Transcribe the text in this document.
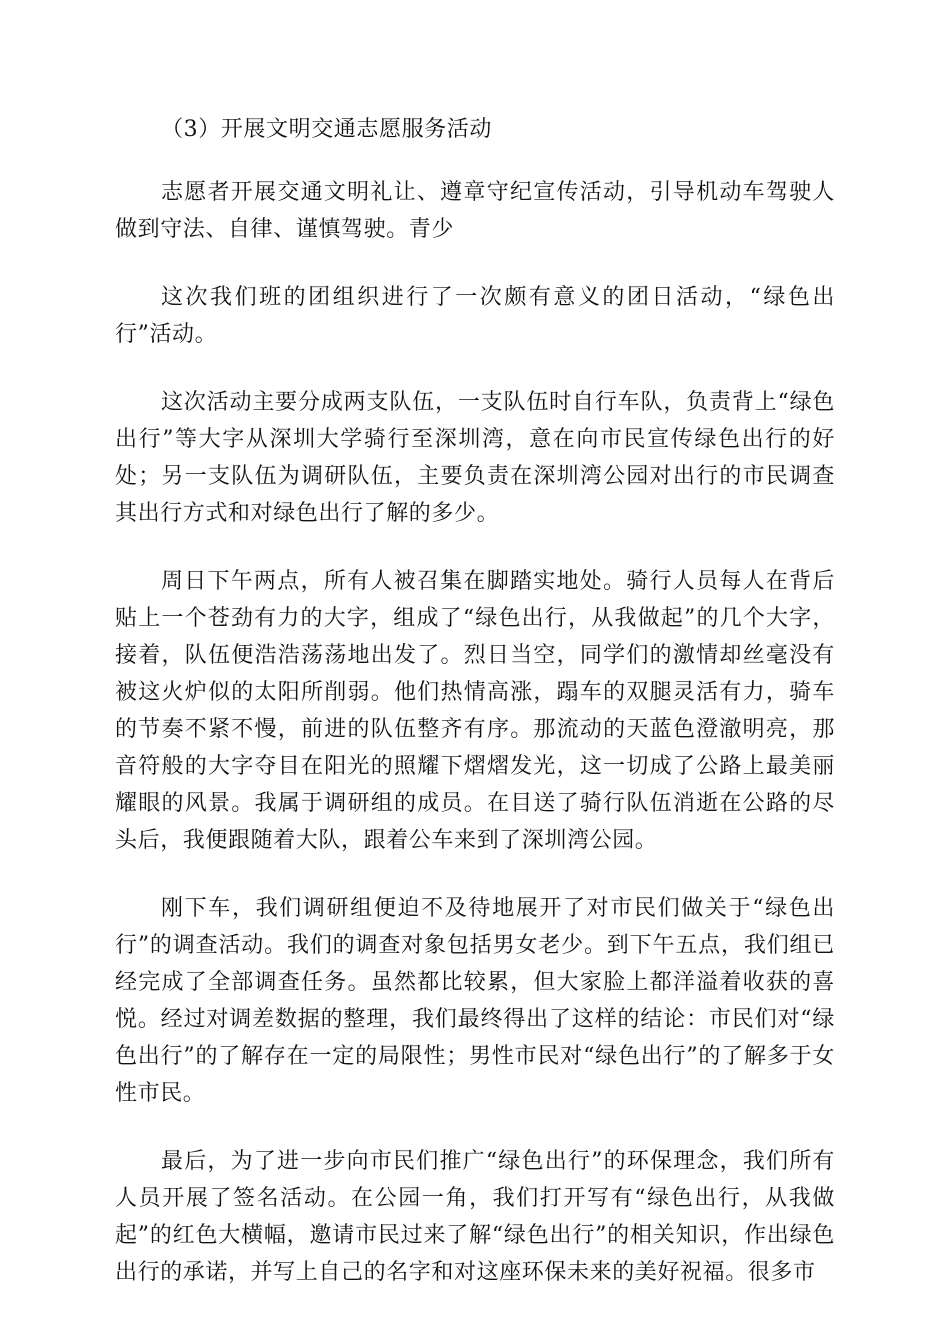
（3）开展文明交通志愿服务活动

志愿者开展交通文明礼让、遵章守纪宣传活动，引导机动车驾驶人做到守法、自律、谨慎驾驶。青少

这次我们班的团组织进行了一次颇有意义的团日活动，“绿色出行”活动。

这次活动主要分成两支队伍，一支队伍时自行车队，负责背上“绿色出行”等大字从深圳大学骑行至深圳湾，意在向市民宣传绿色出行的好处；另一支队伍为调研队伍，主要负责在深圳湾公园对出行的市民调查其出行方式和对绿色出行了解的多少。

周日下午两点，所有人被召集在脚踏实地处。骑行人员每人在背后贴上一个苍劲有力的大字，组成了“绿色出行，从我做起”的几个大字，接着，队伍便浩浩荡荡地出发了。烈日当空，同学们的激情却丝毫没有被这火炉似的太阳所削弱。他们热情高涨，蹋车的双腿灵活有力，骑车的节奏不紧不慢，前进的队伍整齐有序。那流动的天蓝色澄澈明亮，那音符般的大字夺目在阳光的照耀下熠熠发光，这一切成了公路上最美丽耀眼的风景。我属于调研组的成员。在目送了骑行队伍消逝在公路的尽头后，我便跟随着大队，跟着公车来到了深圳湾公园。

刚下车，我们调研组便迫不及待地展开了对市民们做关于“绿色出行”的调查活动。我们的调查对象包括男女老少。到下午五点，我们组已经完成了全部调查任务。虽然都比较累，但大家脸上都洋溢着收获的喜悦。经过对调差数据的整理，我们最终得出了这样的结论：市民们对“绿色出行”的了解存在一定的局限性；男性市民对“绿色出行”的了解多于女性市民。

最后，为了进一步向市民们推广“绿色出行”的环保理念，我们所有人员开展了签名活动。在公园一角，我们打开写有“绿色出行，从我做起”的红色大横幅，邀请市民过来了解“绿色出行”的相关知识，作出绿色出行的承诺，并写上自己的名字和对这座环保未来的美好祝福。很多市
